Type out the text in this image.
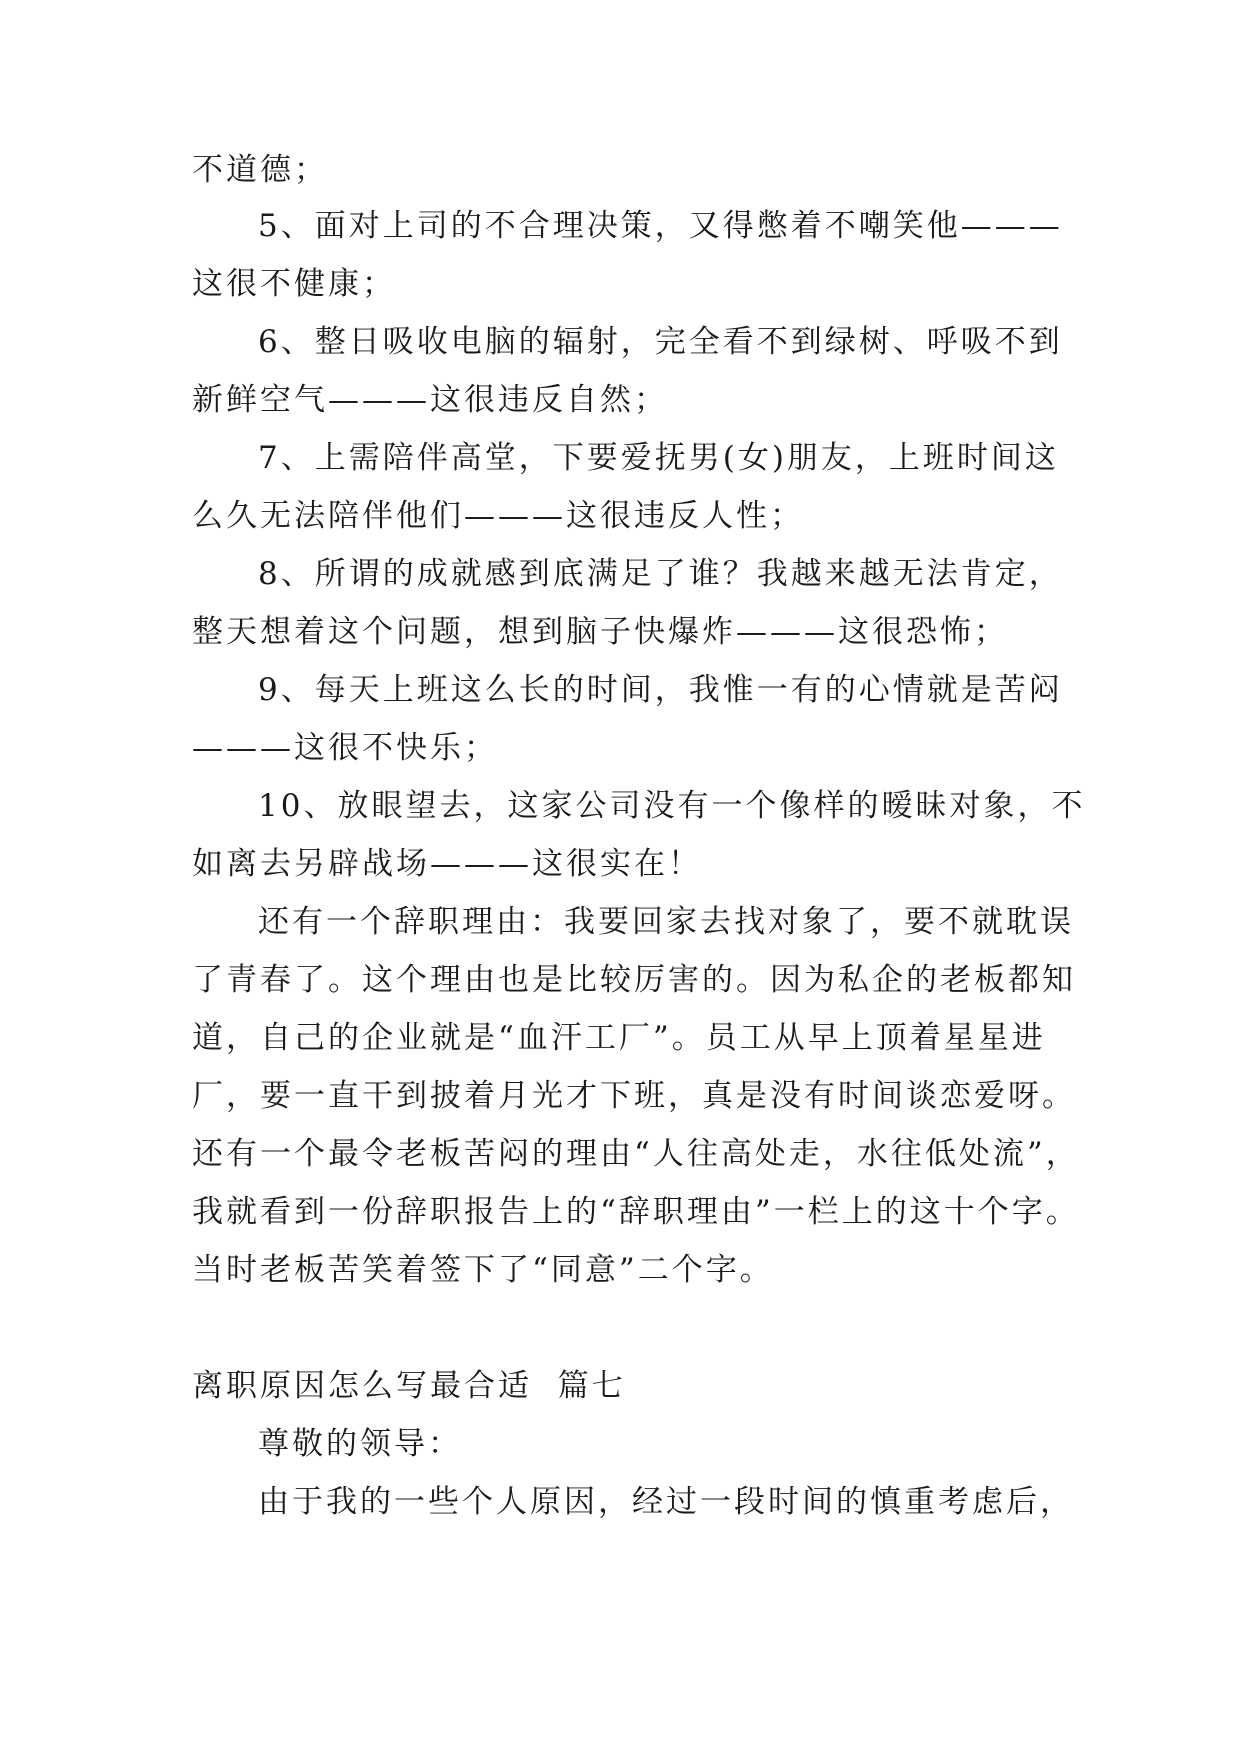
不道德；

5、面对上司的不合理决策，又得憋着不嘲笑他———

这很不健康；

6、整日吸收电脑的辐射，完全看不到绿树、呼吸不到

新鲜空气———这很违反自然；

7、上需陪伴高堂，下要爱抚男(女)朋友，上班时间这

么久无法陪伴他们———这很违反人性；

8、所谓的成就感到底满足了谁？我越来越无法肯定，

整天想着这个问题，想到脑子快爆炸———这很恐怖；

9、每天上班这么长的时间，我惟一有的心情就是苦闷

———这很不快乐；

10、放眼望去，这家公司没有一个像样的暧昧对象，不

如离去另辟战场———这很实在！

还有一个辞职理由：我要回家去找对象了，要不就耽误

了青春了。这个理由也是比较厉害的。因为私企的老板都知

道，自己的企业就是“血汗工厂”。员工从早上顶着星星进

厂，要一直干到披着月光才下班，真是没有时间谈恋爱呀。

还有一个最令老板苦闷的理由“人往高处走，水往低处流”，

我就看到一份辞职报告上的“辞职理由”一栏上的这十个字。

当时老板苦笑着签下了“同意”二个字。

离职原因怎么写最合适  篇七

尊敬的领导：

由于我的一些个人原因，经过一段时间的慎重考虑后，
